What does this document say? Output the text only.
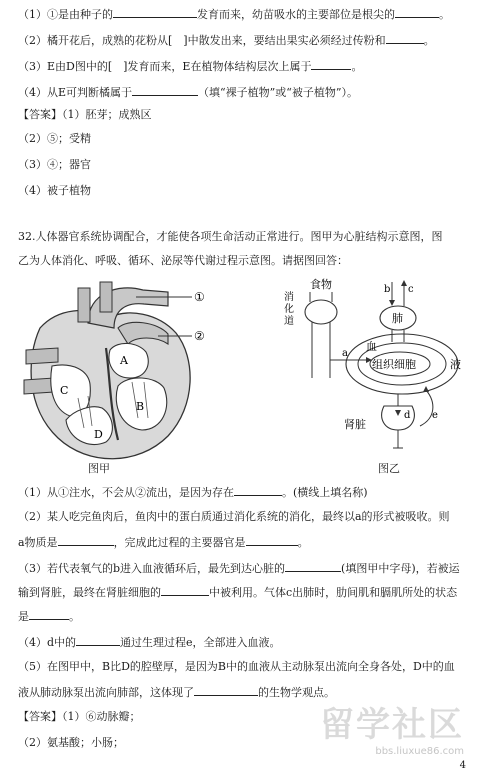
（1）①是由种子的	发育而来，幼苗吸水的主要部位是根尖的	。
（2）橘开花后，成熟的花粉从[　]中散发出来，要结出果实必须经过传粉和	。
（3）E由D图中的[　]发育而来，E在植物体结构层次上属于	。
（4）从E可判断橘属于	（填“裸子植物”或“被子植物”）。
【答案】（1）胚芽；成熟区
（2）⑤；受精
（3）④；器官
（4）被子植物
32.人体器官系统协调配合，才能使各项生命活动正常进行。图甲为心脏结构示意图，图
乙为人体消化、呼吸、循环、泌尿等代谢过程示意图。请据图回答：
A
B
C
D
①
②
图甲
食物
消
化
道
a
b c
肺
组织细胞
血
液
d e
肾脏
图乙
（1）从①注水，不会从②流出，是因为存在	。(横线上填名称)
（2）某人吃完鱼肉后，鱼肉中的蛋白质通过消化系统的消化，最终以a的形式被吸收。则
a物质是	，完成此过程的主要器官是	。
（3）若代表氧气的b进入血液循环后，最先到达心脏的	(填图甲中字母)，若被运
输到肾脏，最终在肾脏细胞的	中被利用。气体c出肺时，肋间肌和膈肌所处的状态
是	。
（4）d中的	通过生理过程e，全部进入血液。
（5）在图甲中，B比D的腔壁厚，是因为B中的血液从主动脉泵出流向全身各处，D中的血
液从肺动脉泵出流向肺部，这体现了	的生物学观点。
【答案】（1）⑥动脉瓣；
（2）氨基酸；小肠；	留学社区
bbs.liuxue86.com
4
